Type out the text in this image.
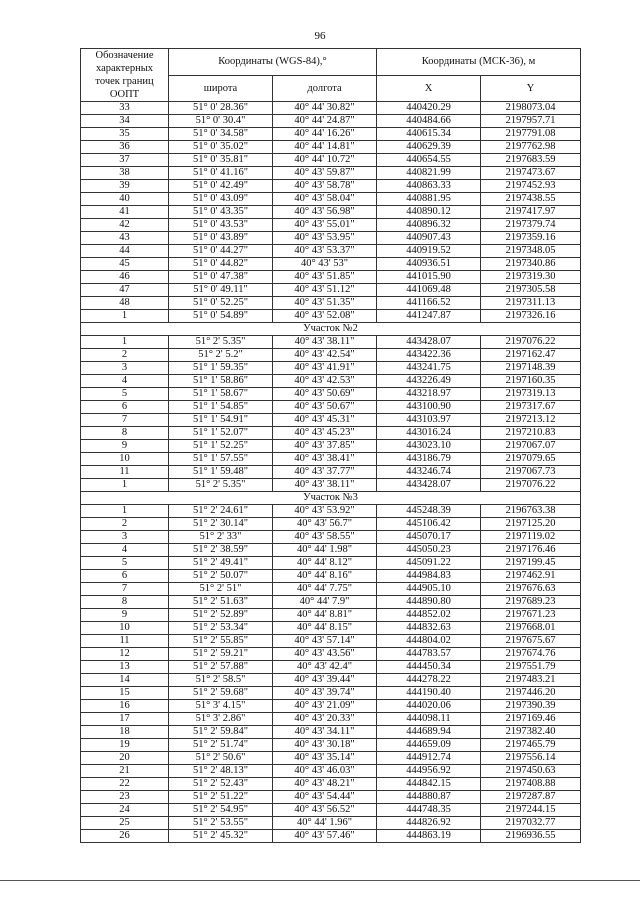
96
Обозначение характерных точек границ ООПТ	Координаты (WGS-84),°		Координаты (МСК-36), м	
	широта	долгота	X	Y
33	51° 0' 28.36"	40° 44' 30.82"	440420.29	2198073.04
34	51° 0' 30.4"	40° 44' 24.87"	440484.66	2197957.71
35	51° 0' 34.58"	40° 44' 16.26"	440615.34	2197791.08
36	51° 0' 35.02"	40° 44' 14.81"	440629.39	2197762.98
37	51° 0' 35.81"	40° 44' 10.72"	440654.55	2197683.59
38	51° 0' 41.16"	40° 43' 59.87"	440821.99	2197473.67
39	51° 0' 42.49"	40° 43' 58.78"	440863.33	2197452.93
40	51° 0' 43.09"	40° 43' 58.04"	440881.95	2197438.55
41	51° 0' 43.35"	40° 43' 56.98"	440890.12	2197417.97
42	51° 0' 43.53"	40° 43' 55.01"	440896.32	2197379.74
43	51° 0' 43.89"	40° 43' 53.95"	440907.43	2197359.16
44	51° 0' 44.27"	40° 43' 53.37"	440919.52	2197348.05
45	51° 0' 44.82"	40° 43' 53"	440936.51	2197340.86
46	51° 0' 47.38"	40° 43' 51.85"	441015.90	2197319.30
47	51° 0' 49.11"	40° 43' 51.12"	441069.48	2197305.58
48	51° 0' 52.25"	40° 43' 51.35"	441166.52	2197311.13
1	51° 0' 54.89"	40° 43' 52.08"	441247.87	2197326.16
Участок №2				
1	51° 2' 5.35"	40° 43' 38.11"	443428.07	2197076.22
2	51° 2' 5.2"	40° 43' 42.54"	443422.36	2197162.47
3	51° 1' 59.35"	40° 43' 41.91"	443241.75	2197148.39
4	51° 1' 58.86"	40° 43' 42.53"	443226.49	2197160.35
5	51° 1' 58.67"	40° 43' 50.69"	443218.97	2197319.13
6	51° 1' 54.85"	40° 43' 50.67"	443100.90	2197317.67
7	51° 1' 54.91"	40° 43' 45.31"	443103.97	2197213.12
8	51° 1' 52.07"	40° 43' 45.23"	443016.24	2197210.83
9	51° 1' 52.25"	40° 43' 37.85"	443023.10	2197067.07
10	51° 1' 57.55"	40° 43' 38.41"	443186.79	2197079.65
11	51° 1' 59.48"	40° 43' 37.77"	443246.74	2197067.73
1	51° 2' 5.35"	40° 43' 38.11"	443428.07	2197076.22
Участок №3				
1	51° 2' 24.61"	40° 43' 53.92"	445248.39	2196763.38
2	51° 2' 30.14"	40° 43' 56.7"	445106.42	2197125.20
3	51° 2' 33"	40° 43' 58.55"	445070.17	2197119.02
4	51° 2' 38.59"	40° 44' 1.98"	445050.23	2197176.46
5	51° 2' 49.41"	40° 44' 8.12"	445091.22	2197199.45
6	51° 2' 50.07"	40° 44' 8.16"	444984.83	2197462.91
7	51° 2' 51"	40° 44' 7.75"	444905.10	2197676.63
8	51° 2' 51.63"	40° 44' 7.9"	444890.80	2197689.23
9	51° 2' 52.89"	40° 44' 8.81"	444852.02	2197671.23
10	51° 2' 53.34"	40° 44' 8.15"	444832.63	2197668.01
11	51° 2' 55.85"	40° 43' 57.14"	444804.02	2197675.67
12	51° 2' 59.21"	40° 43' 43.56"	444783.57	2197674.76
13	51° 2' 57.88"	40° 43' 42.4"	444450.34	2197551.79
14	51° 2' 58.5"	40° 43' 39.44"	444278.22	2197483.21
15	51° 2' 59.68"	40° 43' 39.74"	444190.40	2197446.20
16	51° 3' 4.15"	40° 43' 21.09"	444020.06	2197390.39
17	51° 3' 2.86"	40° 43' 20.33"	444098.11	2197169.46
18	51° 2' 59.84"	40° 43' 34.11"	444689.94	2197382.40
19	51° 2' 51.74"	40° 43' 30.18"	444659.09	2197465.79
20	51° 2' 50.6"	40° 43' 35.14"	444912.74	2197556.14
21	51° 2' 48.13"	40° 43' 46.03"	444956.92	2197450.63
22	51° 2' 52.43"	40° 43' 48.21"	444842.15	2197408.88
23	51° 2' 51.22"	40° 43' 54.44"	444880.87	2197287.87
24	51° 2' 54.95"	40° 43' 56.52"	444748.35	2197244.15
25	51° 2' 53.55"	40° 44' 1.96"	444826.92	2197032.77
26	51° 2' 45.32"	40° 43' 57.46"	444863.19	2196936.55
